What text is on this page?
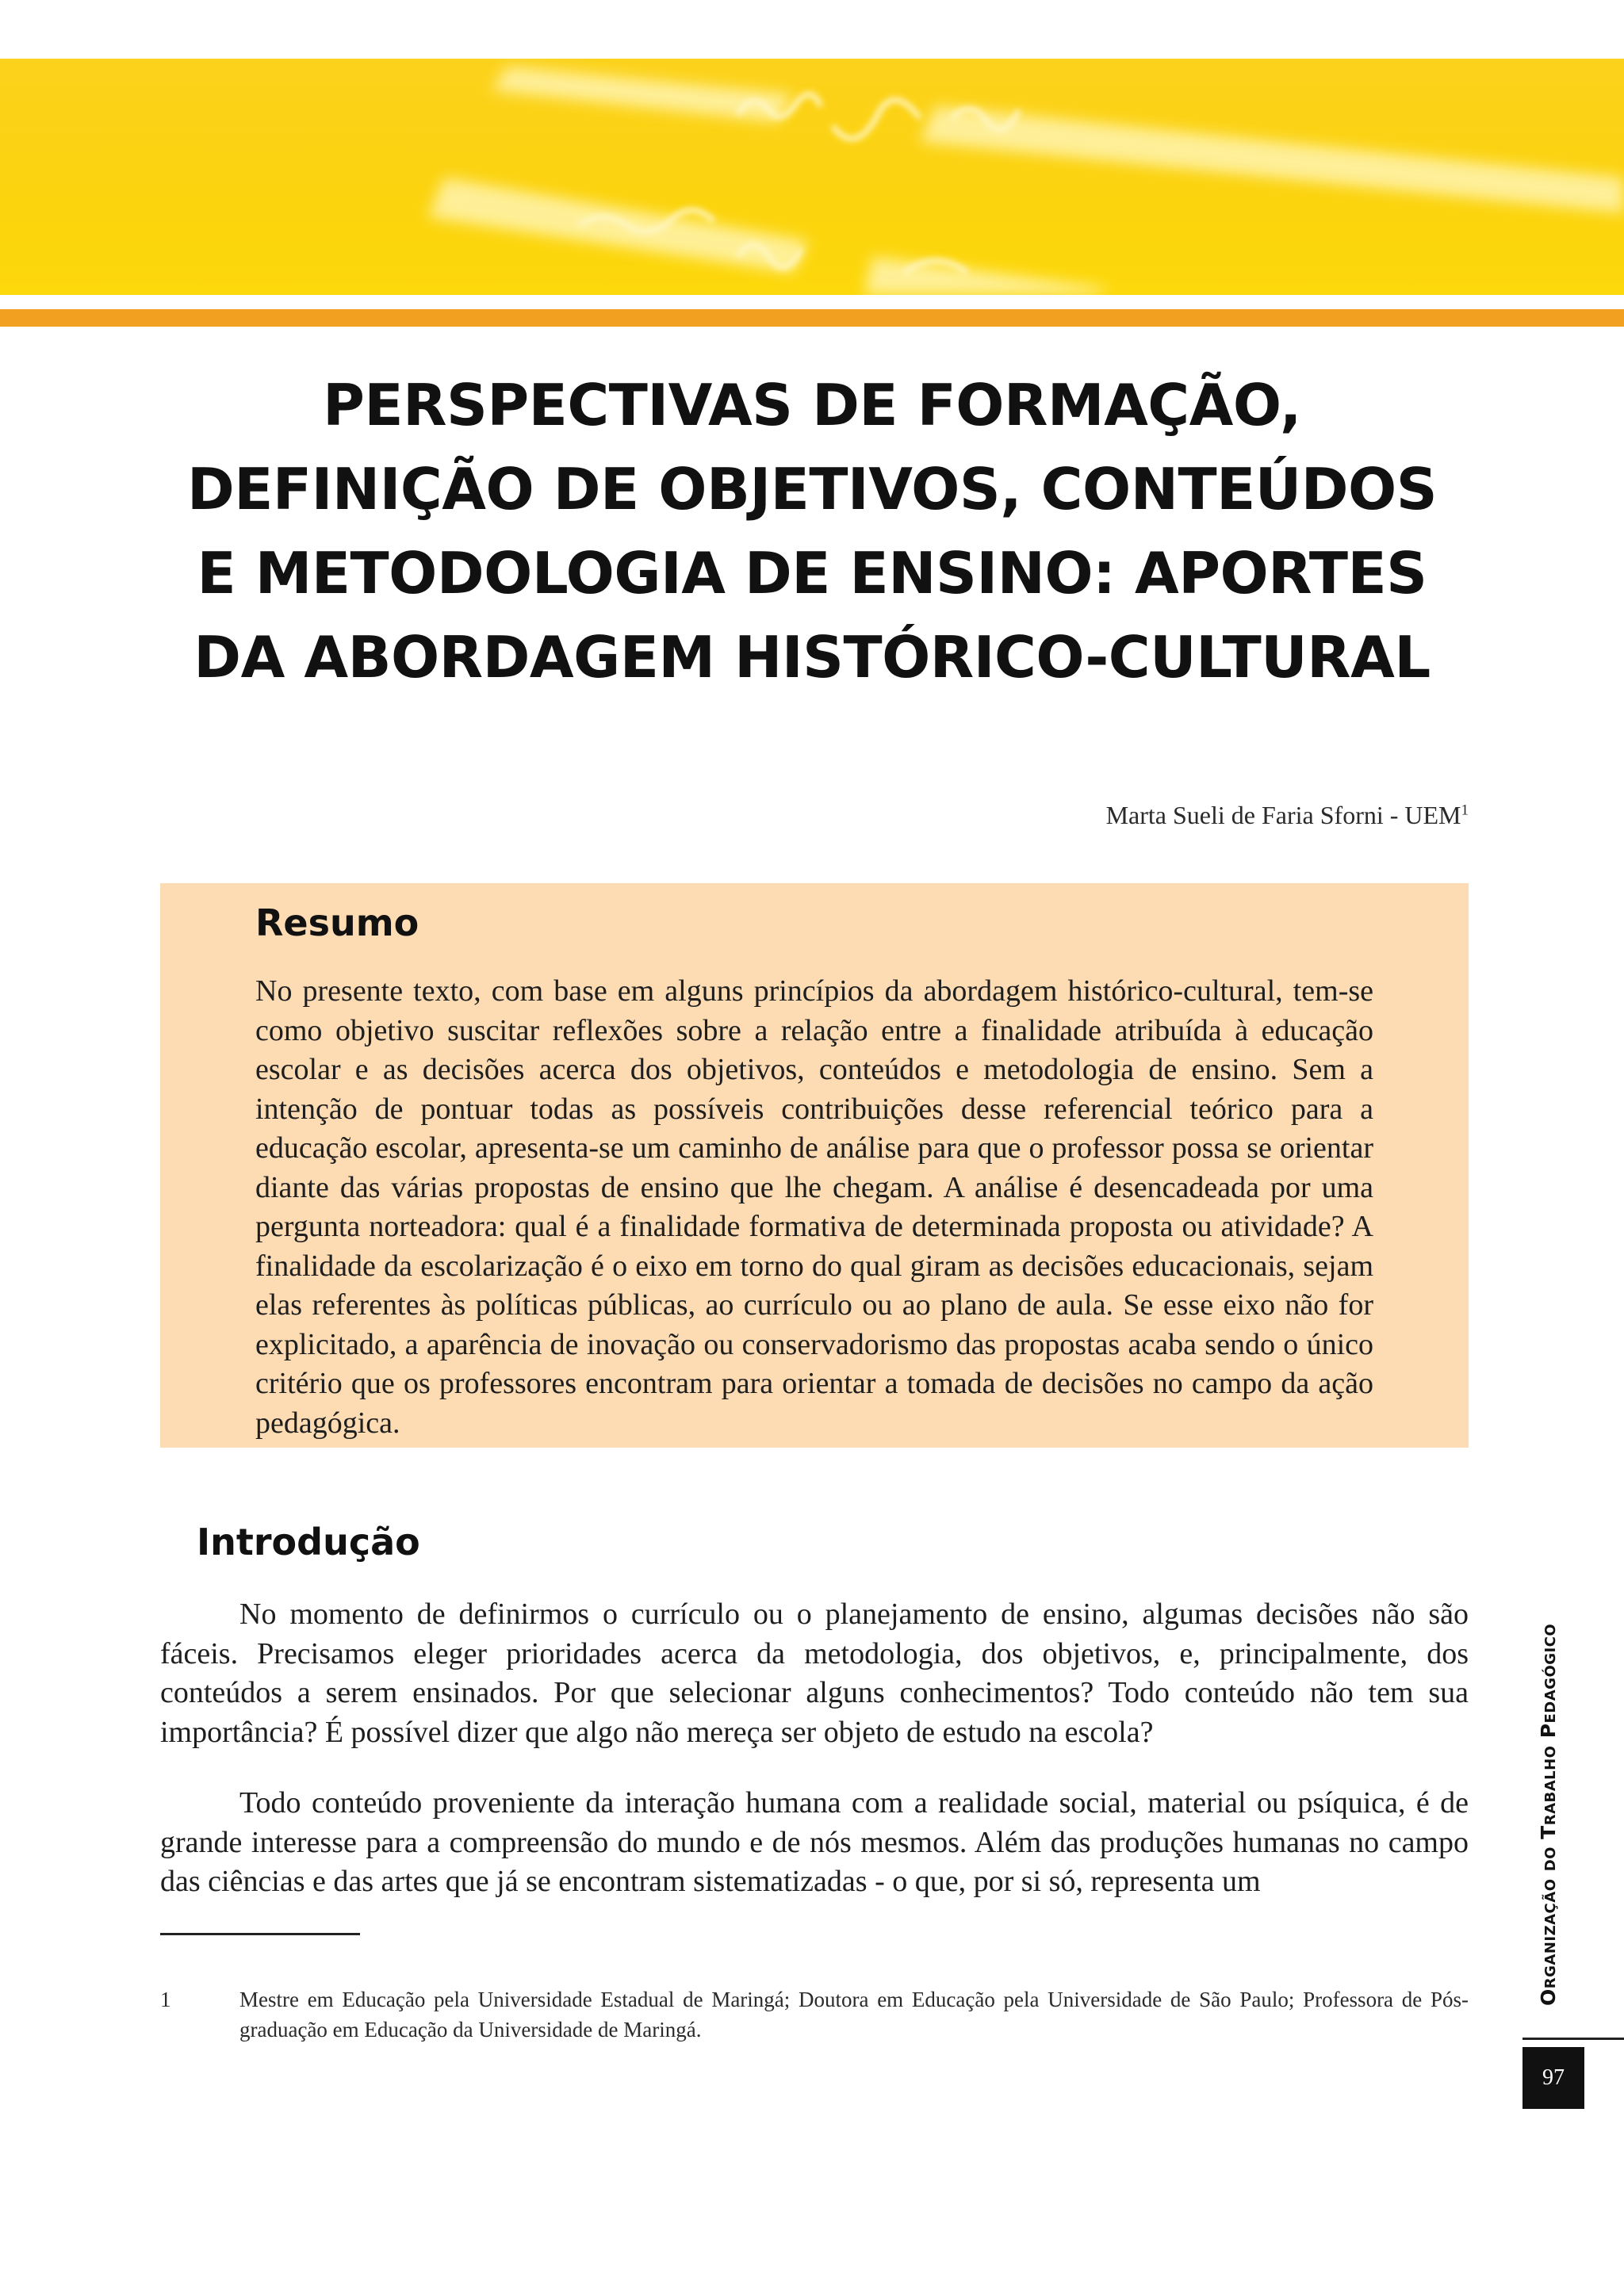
PERSPECTIVAS DE FORMAÇÃO,
DEFINIÇÃO DE OBJETIVOS, CONTEÚDOS
E METODOLOGIA DE ENSINO: APORTES
DA ABORDAGEM HISTÓRICO-CULTURAL
Marta Sueli de Faria Sforni - UEM$^1$
Resumo

No presente texto, com base em alguns princípios da abordagem histórico-cultural, tem-se como objetivo suscitar reflexões sobre a relação entre a finalidade atribuída à educação escolar e as decisões acerca dos objetivos, conteúdos e metodologia de ensino. Sem a intenção de pontuar todas as possíveis contribuições desse referencial teórico para a educação escolar, apresenta-se um caminho de análise para que o professor possa se orientar diante das várias propostas de ensino que lhe chegam. A análise é desencadeada por uma pergunta norteadora: qual é a finalidade formativa de determinada proposta ou atividade? A finalidade da escolarização é o eixo em torno do qual giram as decisões educacionais, sejam elas referentes às políticas públicas, ao currículo ou ao plano de aula. Se esse eixo não for explicitado, a aparência de inovação ou conservadorismo das propostas acaba sendo o único critério que os professores encontram para orientar a tomada de decisões no campo da ação pedagógica.

Introdução

No momento de definirmos o currículo ou o planejamento de ensino, algumas decisões não são fáceis. Precisamos eleger prioridades acerca da metodologia, dos objetivos, e, principalmente, dos conteúdos a serem ensinados. Por que selecionar alguns conhecimentos? Todo conteúdo não tem sua importância? É possível dizer que algo não mereça ser objeto de estudo na escola?

Todo conteúdo proveniente da interação humana com a realidade social, material ou psíquica, é de grande interesse para a compreensão do mundo e de nós mesmos. Além das produções humanas no campo das ciências e das artes que já se encontram sistematizadas - o que, por si só, representa um

1	Mestre em Educação pela Universidade Estadual de Maringá; Doutora em Educação pela Universidade de São Paulo; Professora de Pós-graduação em Educação da Universidade de Maringá.
Organização do Trabalho Pedagógico
97
